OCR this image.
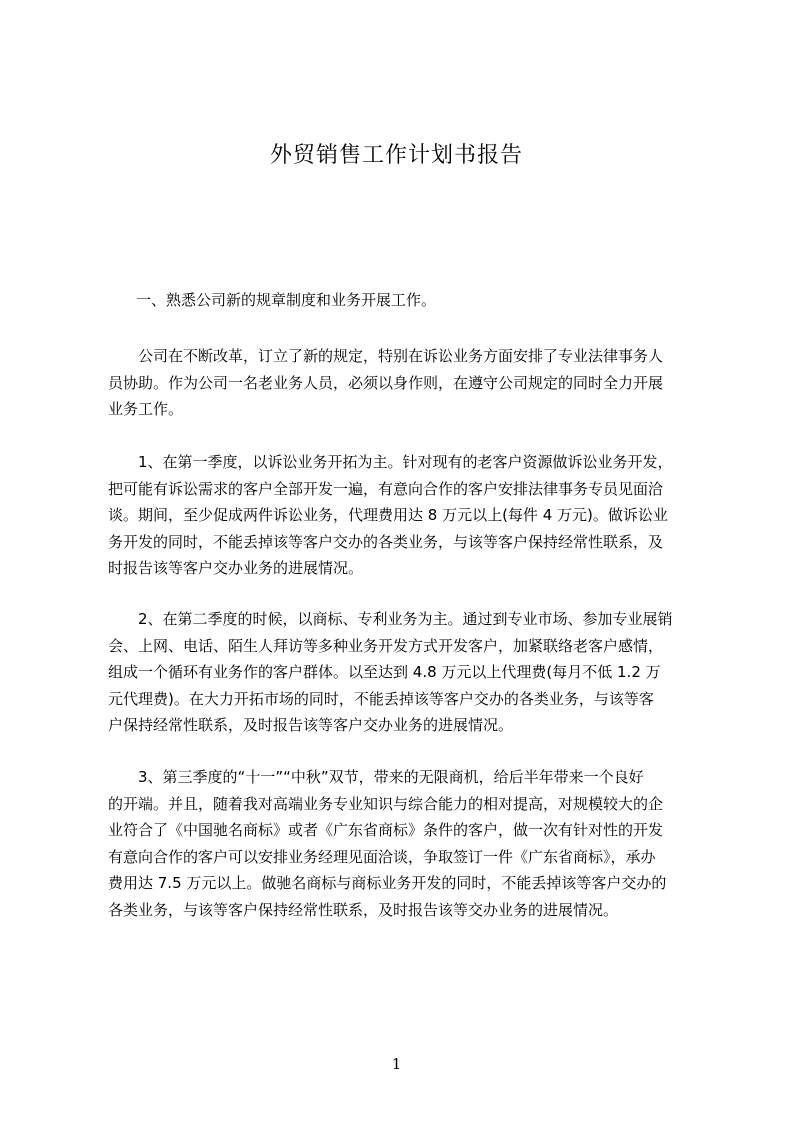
外贸销售工作计划书报告
一、熟悉公司新的规章制度和业务开展工作。
公司在不断改革，订立了新的规定，特别在诉讼业务方面安排了专业法律事务人
员协助。作为公司一名老业务人员，必须以身作则，在遵守公司规定的同时全力开展
业务工作。
1、在第一季度，以诉讼业务开拓为主。针对现有的老客户资源做诉讼业务开发，
把可能有诉讼需求的客户全部开发一遍，有意向合作的客户安排法律事务专员见面洽
谈。期间，至少促成两件诉讼业务，代理费用达 8 万元以上(每件 4 万元)。做诉讼业
务开发的同时，不能丢掉该等客户交办的各类业务，与该等客户保持经常性联系，及
时报告该等客户交办业务的进展情况。
2、在第二季度的时候，以商标、专利业务为主。通过到专业市场、参加专业展销
会、上网、电话、陌生人拜访等多种业务开发方式开发客户，加紧联络老客户感情，
组成一个循环有业务作的客户群体。以至达到 4.8 万元以上代理费(每月不低 1.2 万
元代理费)。在大力开拓市场的同时，不能丢掉该等客户交办的各类业务，与该等客
户保持经常性联系，及时报告该等客户交办业务的进展情况。
3、第三季度的“十一”“中秋”双节，带来的无限商机，给后半年带来一个良好
的开端。并且，随着我对高端业务专业知识与综合能力的相对提高，对规模较大的企
业符合了《中国驰名商标》或者《广东省商标》条件的客户，做一次有针对性的开发
有意向合作的客户可以安排业务经理见面洽谈，争取签订一件《广东省商标》，承办
费用达 7.5 万元以上。做驰名商标与商标业务开发的同时，不能丢掉该等客户交办的
各类业务，与该等客户保持经常性联系，及时报告该等交办业务的进展情况。
1
